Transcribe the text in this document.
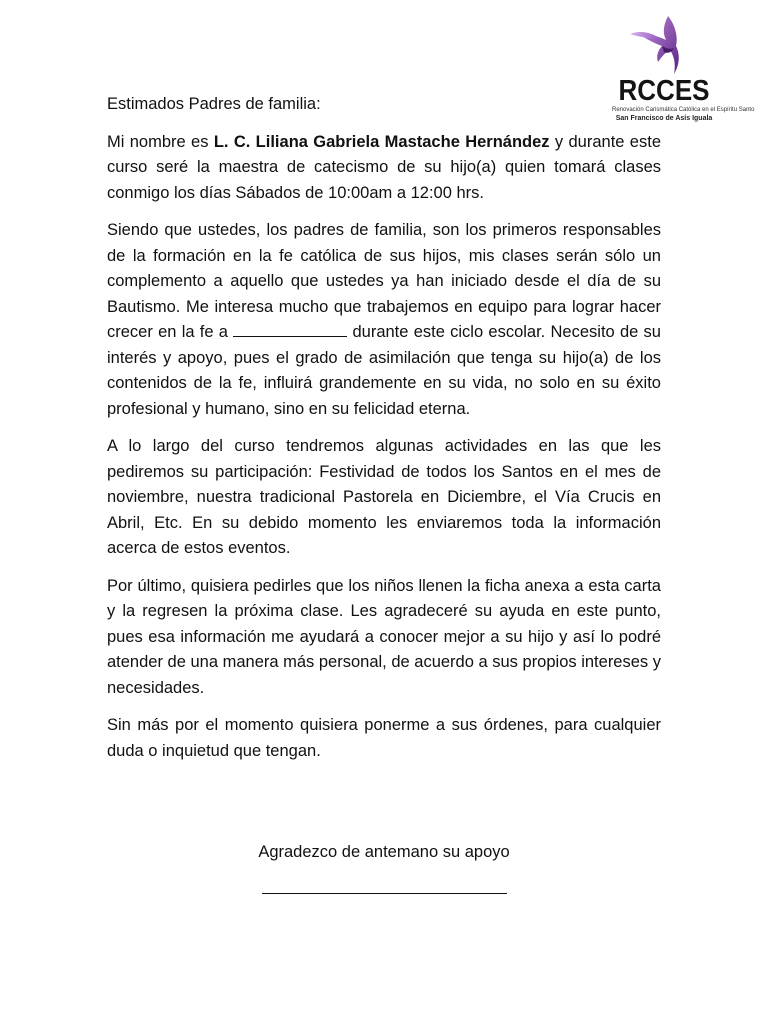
RCCES
Renovación Carismática Católica en el Espíritu Santo
San Francisco de Asís Iguala

Estimados Padres de familia:

Mi nombre es L. C. Liliana Gabriela Mastache Hernández y durante este curso seré la maestra de catecismo de su hijo(a) quien tomará clases conmigo los días Sábados de 10:00am a 12:00 hrs.

Siendo que ustedes, los padres de familia, son los primeros responsables de la formación en la fe católica de sus hijos, mis clases serán sólo un complemento a aquello que ustedes ya han iniciado desde el día de su Bautismo. Me interesa mucho que trabajemos en equipo para lograr hacer crecer en la fe a	durante este ciclo escolar. Necesito de su interés y apoyo, pues el grado de asimilación que tenga su hijo(a) de los contenidos de la fe, influirá grandemente en su vida, no solo en su éxito profesional y humano, sino en su felicidad eterna.

A lo largo del curso tendremos algunas actividades en las que les pediremos su participación: Festividad de todos los Santos en el mes de noviembre, nuestra tradicional Pastorela en Diciembre, el Vía Crucis en Abril, Etc. En su debido momento les enviaremos toda la información acerca de estos eventos.

Por último, quisiera pedirles que los niños llenen la ficha anexa a esta carta y la regresen la próxima clase. Les agradeceré su ayuda en este punto, pues esa información me ayudará a conocer mejor a su hijo y así lo podré atender de una manera más personal, de acuerdo a sus propios intereses y necesidades.

Sin más por el momento quisiera ponerme a sus órdenes, para cualquier duda o inquietud que tengan.

Agradezco de antemano su apoyo
